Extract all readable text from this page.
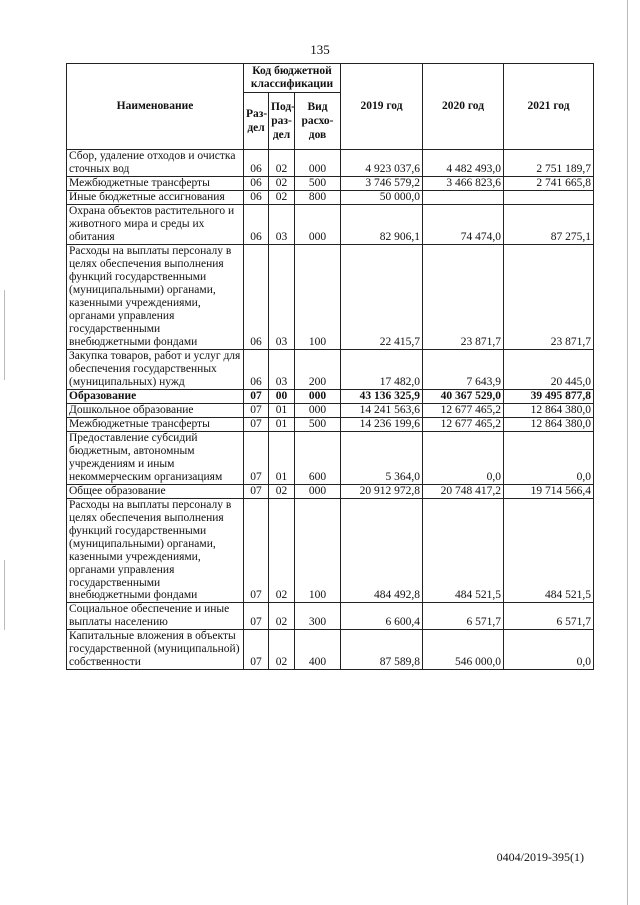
135
Наименование	Код бюджетной классификации			2019 год	2020 год	2021 год
	Раз-дел	Под-раз-дел	Вид расхо-дов			
Сбор, удаление отходов и очистка сточных вод	06	02	000	4 923 037,6	4 482 493,0	2 751 189,7
Межбюджетные трансферты	06	02	500	3 746 579,2	3 466 823,6	2 741 665,8
Иные бюджетные ассигнования	06	02	800	50 000,0		
Охрана объектов растительного и животного мира и среды их обитания	06	03	000	82 906,1	74 474,0	87 275,1
Расходы на выплаты персоналу в целях обеспечения выполнения функций государственными (муниципальными) органами, казенными учреждениями, органами управления государственными внебюджетными фондами	06	03	100	22 415,7	23 871,7	23 871,7
Закупка товаров, работ и услуг для обеспечения государственных (муниципальных) нужд	06	03	200	17 482,0	7 643,9	20 445,0
Образование	07	00	000	43 136 325,9	40 367 529,0	39 495 877,8
Дошкольное образование	07	01	000	14 241 563,6	12 677 465,2	12 864 380,0
Межбюджетные трансферты	07	01	500	14 236 199,6	12 677 465,2	12 864 380,0
Предоставление субсидий бюджетным, автономным учреждениям и иным некоммерческим организациям	07	01	600	5 364,0	0,0	0,0
Общее образование	07	02	000	20 912 972,8	20 748 417,2	19 714 566,4
Расходы на выплаты персоналу в целях обеспечения выполнения функций государственными (муниципальными) органами, казенными учреждениями, органами управления государственными внебюджетными фондами	07	02	100	484 492,8	484 521,5	484 521,5
Социальное обеспечение и иные выплаты населению	07	02	300	6 600,4	6 571,7	6 571,7
Капитальные вложения в объекты государственной (муниципальной) собственности	07	02	400	87 589,8	546 000,0	0,0
0404/2019-395(1)
